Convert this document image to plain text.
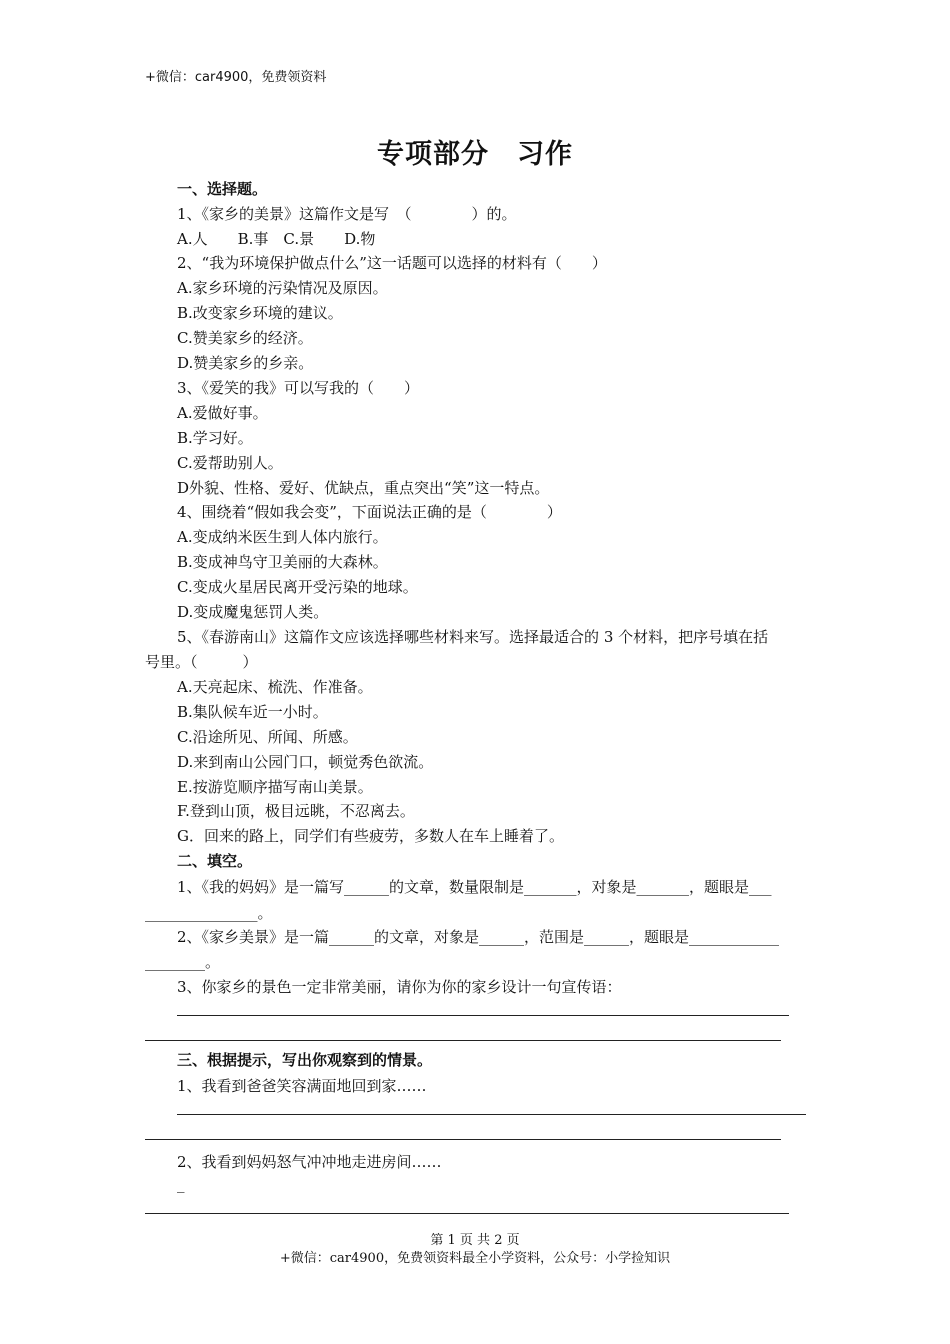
+微信：car4900，免费领资料
专项部分　习作
一、选择题。
1、《家乡的美景》这篇作文是写　（　　　　）的。
A.人　　B.事　C.景　　D.物
2、“我为环境保护做点什么”这一话题可以选择的材料有（　　）
A.家乡环境的污染情况及原因。
B.改变家乡环境的建议。
C.赞美家乡的经济。
D.赞美家乡的乡亲。
3、《爱笑的我》可以写我的（　　）
A.爱做好事。
B.学习好。
C.爱帮助别人。
D外貌、性格、爱好、优缺点，重点突出“笑”这一特点。
4、围绕着“假如我会变”，下面说法正确的是（　　　　）
A.变成纳米医生到人体内旅行。
B.变成神鸟守卫美丽的大森林。
C.变成火星居民离开受污染的地球。
D.变成魔鬼惩罚人类。
5、《春游南山》这篇作文应该选择哪些材料来写。选择最适合的 3 个材料，把序号填在括
号里。（　　　）
A.天亮起床、梳洗、作准备。
B.集队候车近一小时。
C.沿途所见、所闻、所感。
D.来到南山公园门口，顿觉秀色欲流。
E.按游览顺序描写南山美景。
F.登到山顶，极目远眺，不忍离去。
G．回来的路上，同学们有些疲劳，多数人在车上睡着了。
二、填空。
1、《我的妈妈》是一篇写______的文章，数量限制是_______，对象是_______，题眼是___
_______________。
2、《家乡美景》是一篇______的文章，对象是______，范围是______，题眼是____________
________。
3、你家乡的景色一定非常美丽，请你为你的家乡设计一句宣传语：
三、根据提示，写出你观察到的情景。
1、我看到爸爸笑容满面地回到家……
2、我看到妈妈怒气冲冲地走进房间……
_
第 1 页 共 2 页
+微信：car4900，免费领资料最全小学资料，公众号：小学捡知识
